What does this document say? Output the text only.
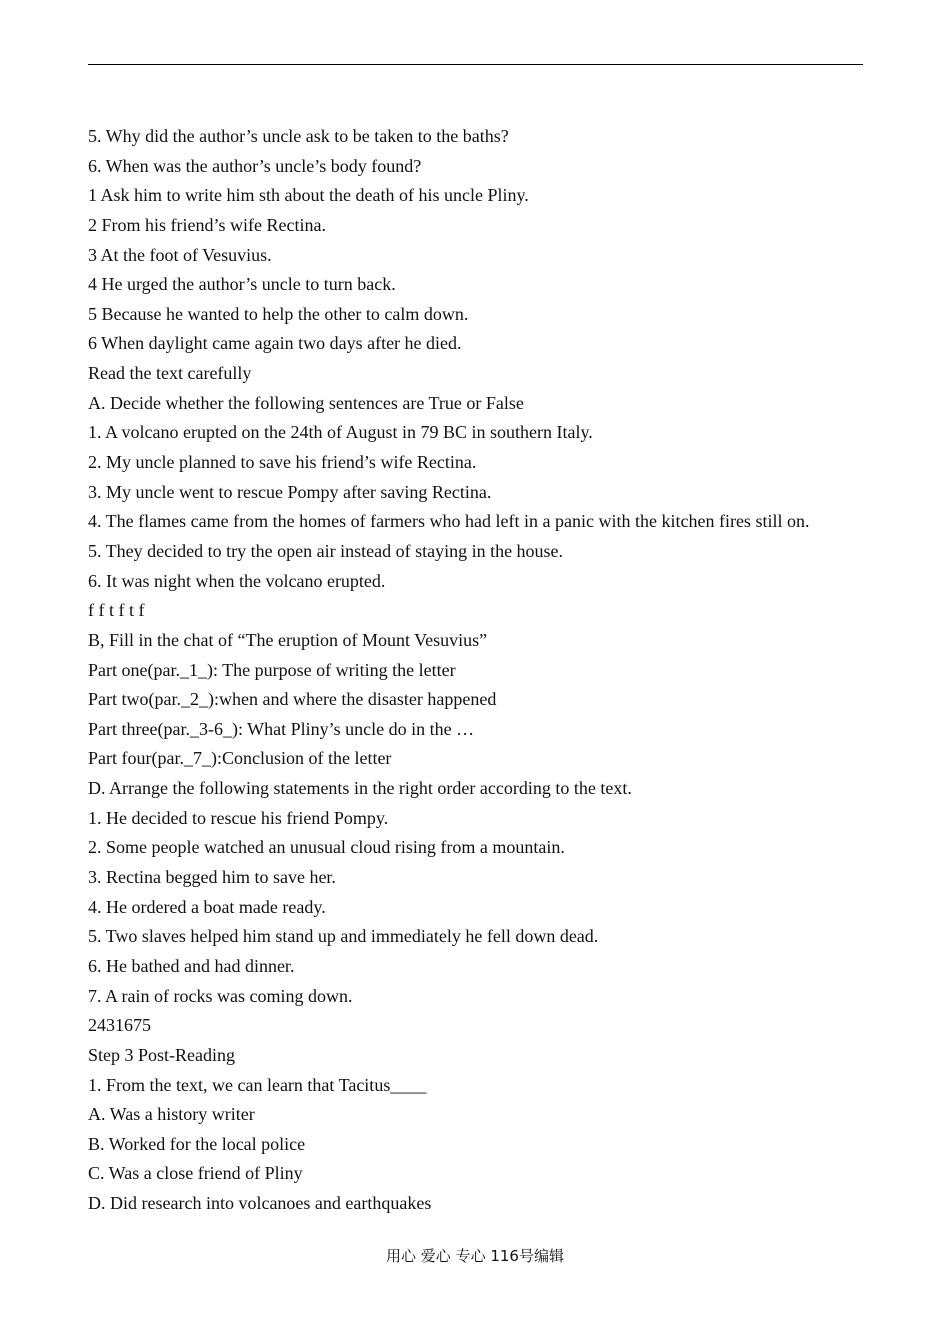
5. Why did the author’s uncle ask to be taken to the baths?
6. When was the author’s uncle’s body found?
1 Ask him to write him sth about the death of his uncle Pliny.
2 From his friend’s wife Rectina.
3 At the foot of Vesuvius.
4 He urged the author’s uncle to turn back.
5 Because he wanted to help the other to calm down.
6 When daylight came again two days after he died.
Read the text carefully
A. Decide whether the following sentences are True or False
1. A volcano erupted on the 24th of August in 79 BC in southern Italy.
2. My uncle planned to save his friend’s wife Rectina.
3. My uncle went to rescue Pompy after saving Rectina.
4. The flames came from the homes of farmers who had left in a panic with the kitchen fires still on.
5. They decided to try the open air instead of staying in the house.
6. It was night when the volcano erupted.
f f t f t f
B, Fill in the chat of “The eruption of Mount Vesuvius”
Part one(par._1_): The purpose of writing the letter
Part two(par._2_):when and where the disaster happened
Part three(par._3-6_): What Pliny’s uncle do in the …
Part four(par._7_):Conclusion of the letter
D. Arrange the following statements in the right order according to the text.
1. He decided to rescue his friend Pompy.
2. Some people watched an unusual cloud rising from a mountain.
3. Rectina begged him to save her.
4. He ordered a boat made ready.
5. Two slaves helped him stand up and immediately he fell down dead.
6. He bathed and had dinner.
7. A rain of rocks was coming down.
2431675
Step 3 Post-Reading
1. From the text, we can learn that Tacitus____
A. Was a history writer
B. Worked for the local police
C. Was a close friend of Pliny
D. Did research into volcanoes and earthquakes
用心 爱心 专心 116号编辑
